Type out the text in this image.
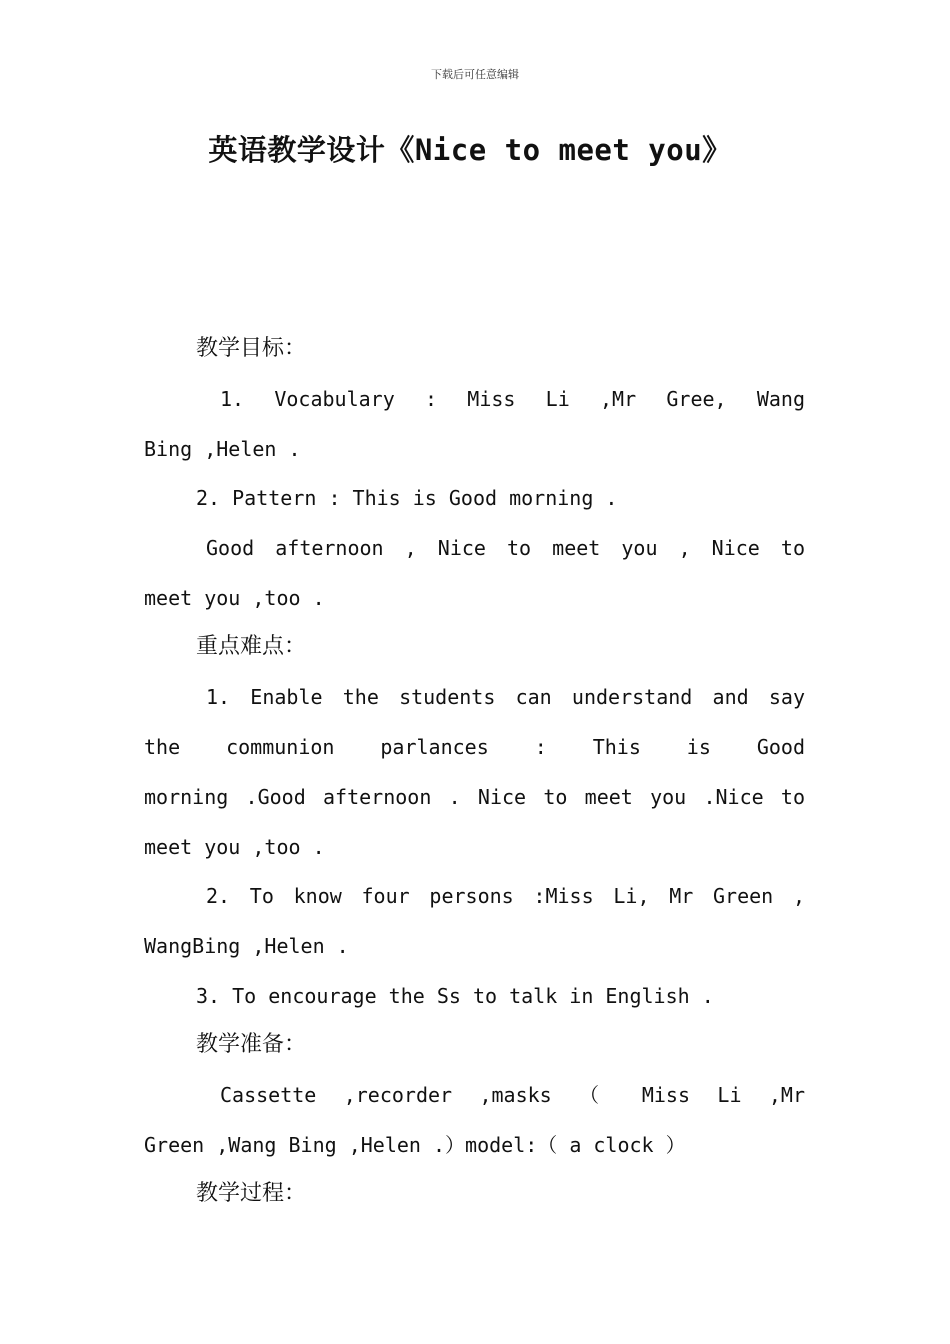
下载后可任意编辑
英语教学设计《Nice to meet you》
教学目标：
1. Vocabulary : Miss Li ,Mr Gree, Wang
Bing ,Helen .
2. Pattern : This is Good morning .
Good afternoon , Nice to meet you , Nice to
meet you ,too .
重点难点：
1. Enable the students can understand and say
the communion parlances : This is Good
morning .Good afternoon . Nice to meet you .Nice to
meet you ,too .
2. To know four persons :Miss Li, Mr Green ,
WangBing ,Helen .
3. To encourage the Ss to talk in English .
教学准备：
Cassette ,recorder ,masks （ Miss Li ,Mr
Green ,Wang Bing ,Helen .）model:（ a clock ）
教学过程：
